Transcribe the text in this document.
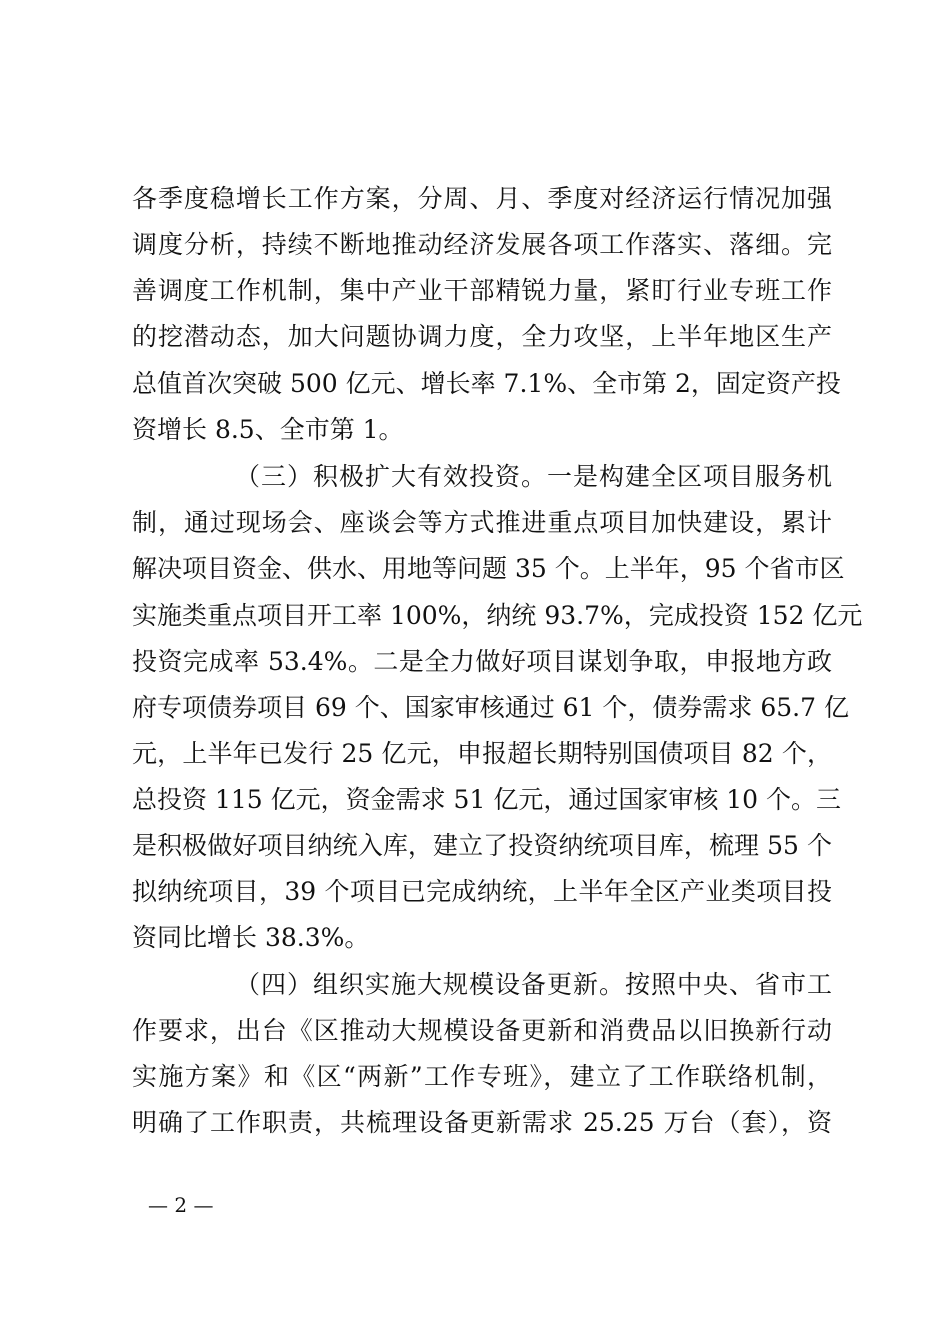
各季度稳增长工作方案，分周、月、季度对经济运行情况加强
调度分析，持续不断地推动经济发展各项工作落实、落细。完
善调度工作机制，集中产业干部精锐力量，紧盯行业专班工作
的挖潜动态，加大问题协调力度，全力攻坚，上半年地区生产
总值首次突破 500 亿元、增长率 7.1%、全市第 2，固定资产投
资增长 8.5、全市第 1。
（三）积极扩大有效投资。一是构建全区项目服务机
制，通过现场会、座谈会等方式推进重点项目加快建设，累计
解决项目资金、供水、用地等问题 35 个。上半年，95 个省市区
实施类重点项目开工率 100%，纳统 93.7%，完成投资 152 亿元
投资完成率 53.4%。二是全力做好项目谋划争取，申报地方政
府专项债券项目 69 个、国家审核通过 61 个，债券需求 65.7 亿
元，上半年已发行 25 亿元，申报超长期特别国债项目 82 个，
总投资 115 亿元，资金需求 51 亿元，通过国家审核 10 个。三
是积极做好项目纳统入库，建立了投资纳统项目库，梳理 55 个
拟纳统项目，39 个项目已完成纳统，上半年全区产业类项目投
资同比增长 38.3%。
（四）组织实施大规模设备更新。按照中央、省市工
作要求，出台《区推动大规模设备更新和消费品以旧换新行动
实施方案》和《区“两新”工作专班》，建立了工作联络机制，
明确了工作职责，共梳理设备更新需求 25.25 万台（套），资
— 2 —
